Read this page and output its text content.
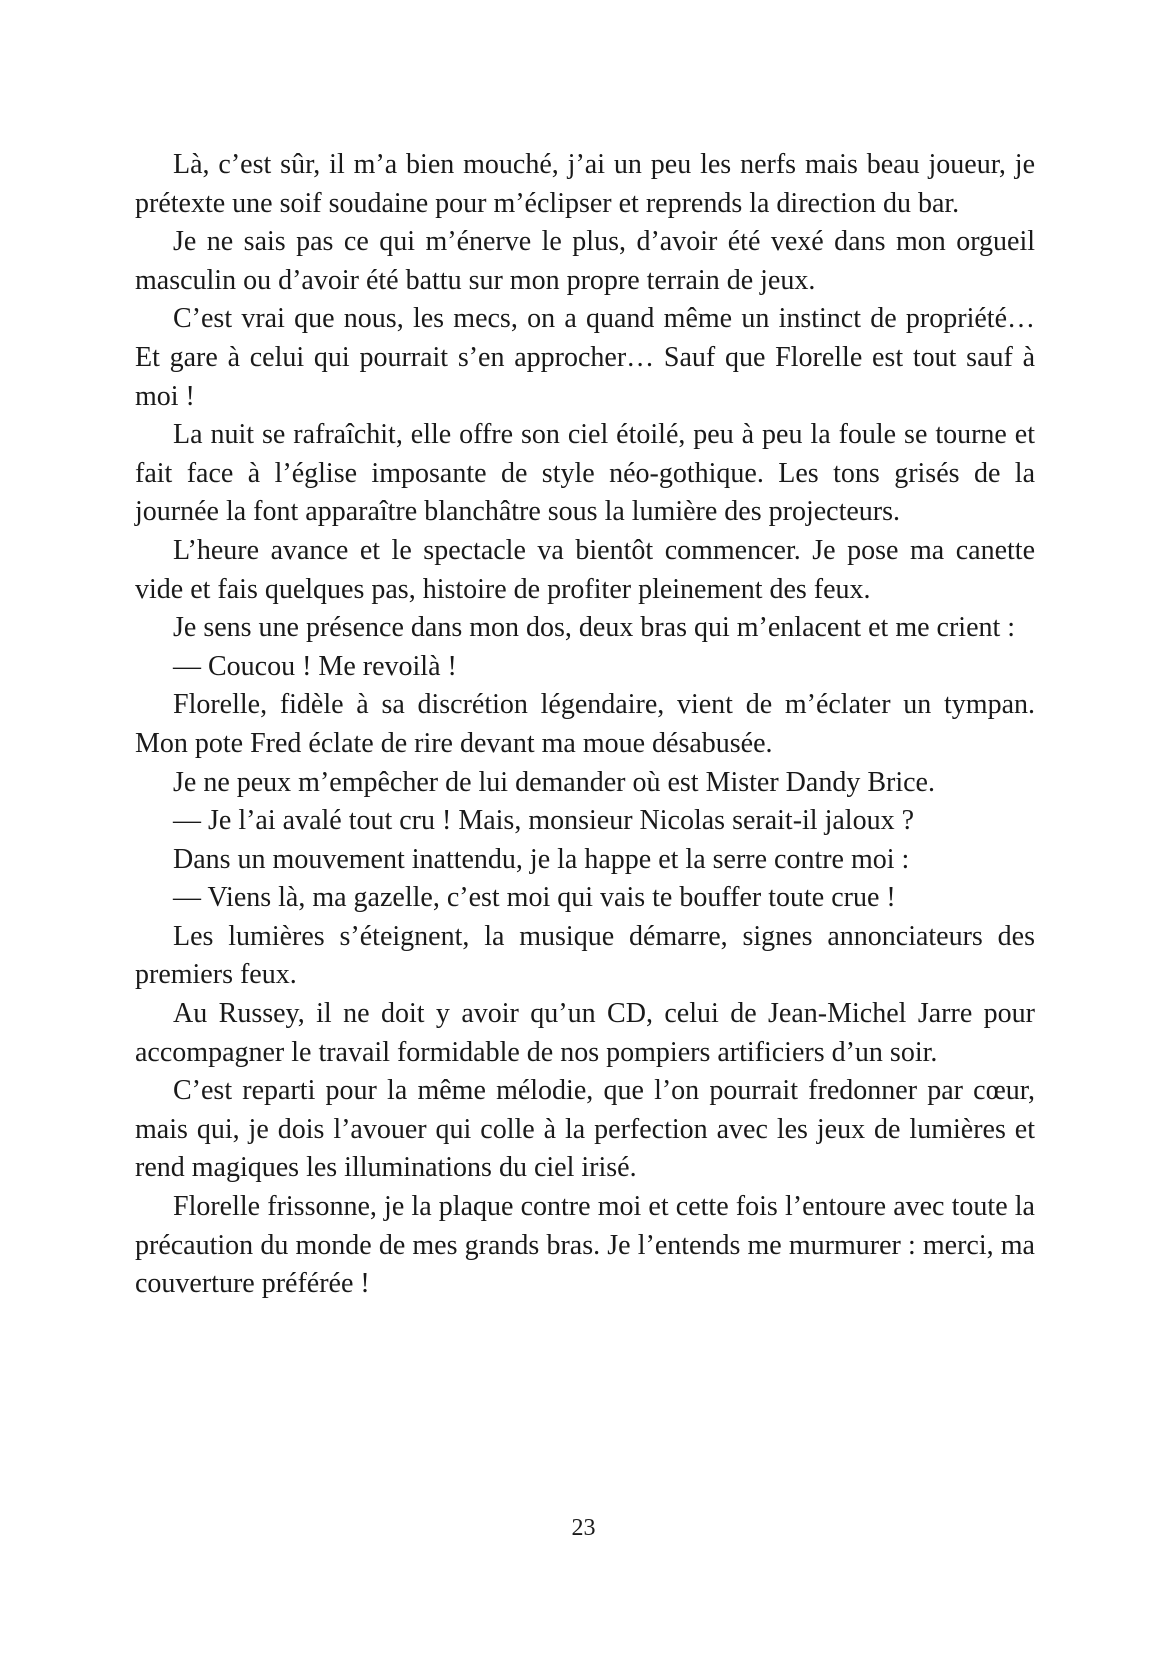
Là, c’est sûr, il m’a bien mouché, j’ai un peu les nerfs mais beau joueur, je prétexte une soif soudaine pour m’éclipser et reprends la direction du bar.

Je ne sais pas ce qui m’énerve le plus, d’avoir été vexé dans mon orgueil masculin ou d’avoir été battu sur mon propre terrain de jeux.

C’est vrai que nous, les mecs, on a quand même un instinct de propriété… Et gare à celui qui pourrait s’en approcher… Sauf que Florelle est tout sauf à moi !

La nuit se rafraîchit, elle offre son ciel étoilé, peu à peu la foule se tourne et fait face à l’église imposante de style néo-gothique. Les tons grisés de la journée la font apparaître blanchâtre sous la lumière des projecteurs.

L’heure avance et le spectacle va bientôt commencer. Je pose ma canette vide et fais quelques pas, histoire de profiter pleinement des feux.

Je sens une présence dans mon dos, deux bras qui m’enlacent et me crient :

— Coucou ! Me revoilà !

Florelle, fidèle à sa discrétion légendaire, vient de m’éclater un tympan. Mon pote Fred éclate de rire devant ma moue désabusée.

Je ne peux m’empêcher de lui demander où est Mister Dandy Brice.

— Je l’ai avalé tout cru ! Mais, monsieur Nicolas serait-il jaloux ?

Dans un mouvement inattendu, je la happe et la serre contre moi :

— Viens là, ma gazelle, c’est moi qui vais te bouffer toute crue !

Les lumières s’éteignent, la musique démarre, signes annonciateurs des premiers feux.

Au Russey, il ne doit y avoir qu’un CD, celui de Jean-Michel Jarre pour accompagner le travail formidable de nos pompiers artificiers d’un soir.

C’est reparti pour la même mélodie, que l’on pourrait fredonner par cœur, mais qui, je dois l’avouer qui colle à la perfection avec les jeux de lumières et rend magiques les illuminations du ciel irisé.

Florelle frissonne, je la plaque contre moi et cette fois l’entoure avec toute la précaution du monde de mes grands bras. Je l’entends me murmurer : merci, ma couverture préférée !

23
